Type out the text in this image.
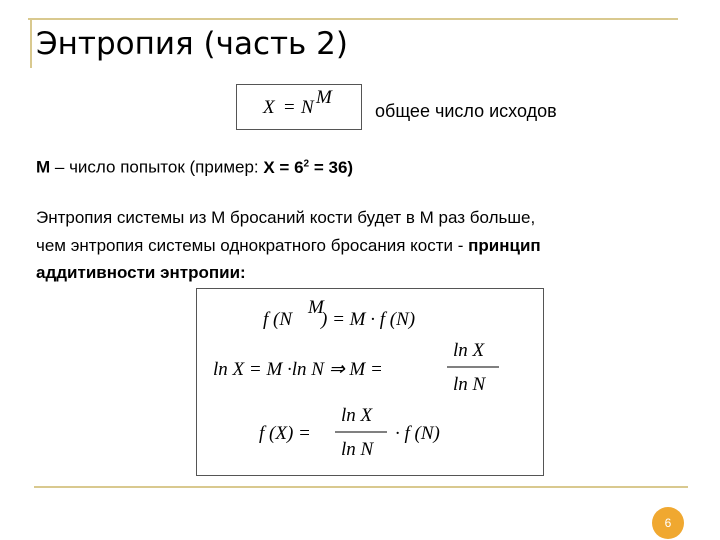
Энтропия (часть 2)
X = N M
общее число исходов
M – число попыток (пример: $X = 6^2 = 36$)
Энтропия системы из M бросаний кости будет в M раз больше,
чем энтропия системы однократного бросания кости - принцип
аддитивности энтропии:
f (N
M
) = M · f (N)
ln X = M ·ln N ⇒ M =
ln X
ln N
f (X) =
ln X
ln N
· f (N)
6
